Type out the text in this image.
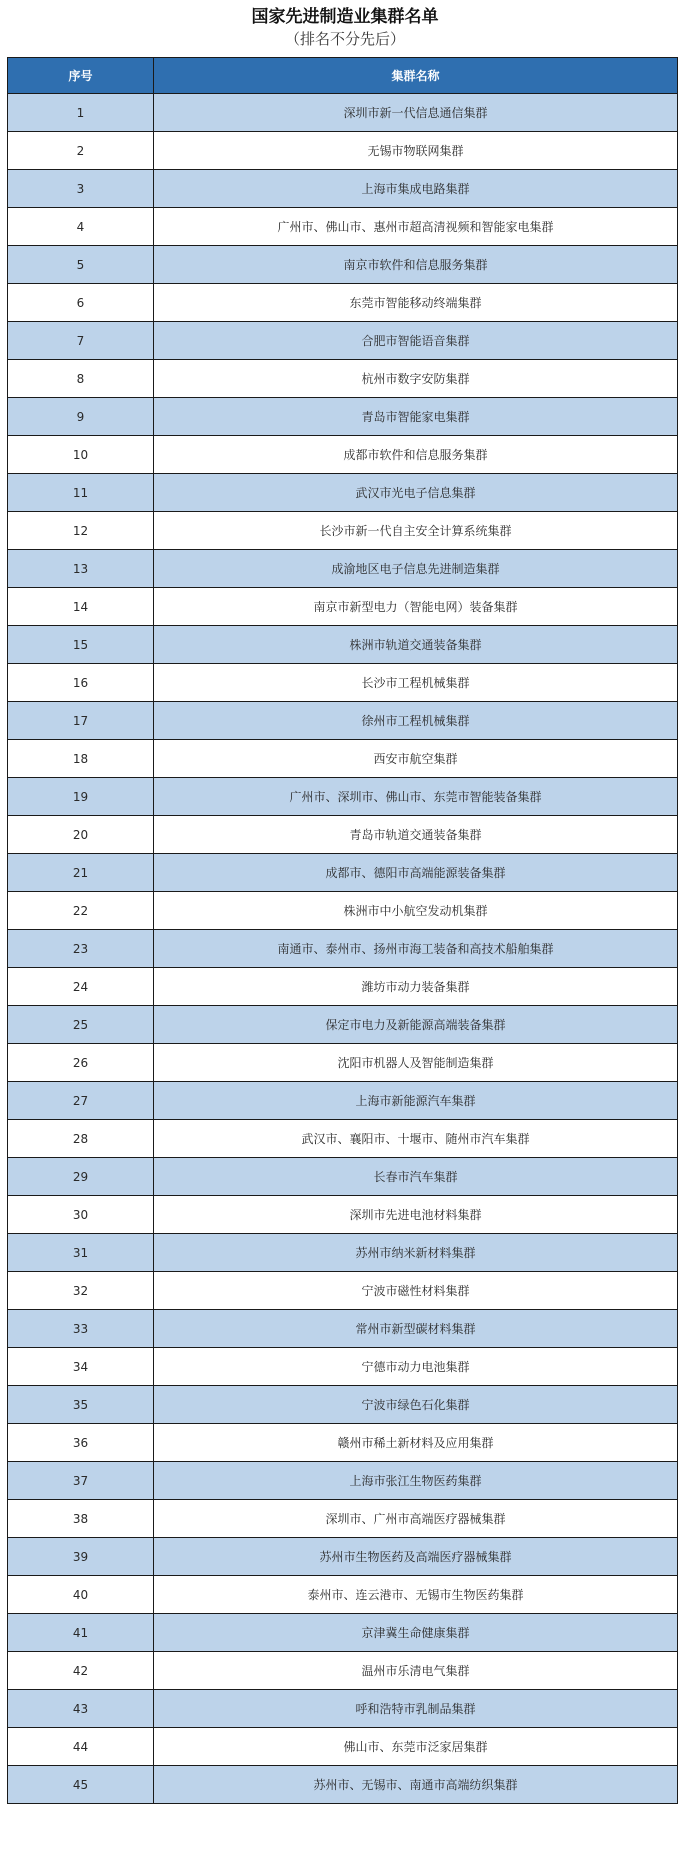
国家先进制造业集群名单
（排名不分先后）
序号	集群名称
1	深圳市新一代信息通信集群
2	无锡市物联网集群
3	上海市集成电路集群
4	广州市、佛山市、惠州市超高清视频和智能家电集群
5	南京市软件和信息服务集群
6	东莞市智能移动终端集群
7	合肥市智能语音集群
8	杭州市数字安防集群
9	青岛市智能家电集群
10	成都市软件和信息服务集群
11	武汉市光电子信息集群
12	长沙市新一代自主安全计算系统集群
13	成渝地区电子信息先进制造集群
14	南京市新型电力（智能电网）装备集群
15	株洲市轨道交通装备集群
16	长沙市工程机械集群
17	徐州市工程机械集群
18	西安市航空集群
19	广州市、深圳市、佛山市、东莞市智能装备集群
20	青岛市轨道交通装备集群
21	成都市、德阳市高端能源装备集群
22	株洲市中小航空发动机集群
23	南通市、泰州市、扬州市海工装备和高技术船舶集群
24	潍坊市动力装备集群
25	保定市电力及新能源高端装备集群
26	沈阳市机器人及智能制造集群
27	上海市新能源汽车集群
28	武汉市、襄阳市、十堰市、随州市汽车集群
29	长春市汽车集群
30	深圳市先进电池材料集群
31	苏州市纳米新材料集群
32	宁波市磁性材料集群
33	常州市新型碳材料集群
34	宁德市动力电池集群
35	宁波市绿色石化集群
36	赣州市稀土新材料及应用集群
37	上海市张江生物医药集群
38	深圳市、广州市高端医疗器械集群
39	苏州市生物医药及高端医疗器械集群
40	泰州市、连云港市、无锡市生物医药集群
41	京津冀生命健康集群
42	温州市乐清电气集群
43	呼和浩特市乳制品集群
44	佛山市、东莞市泛家居集群
45	苏州市、无锡市、南通市高端纺织集群
